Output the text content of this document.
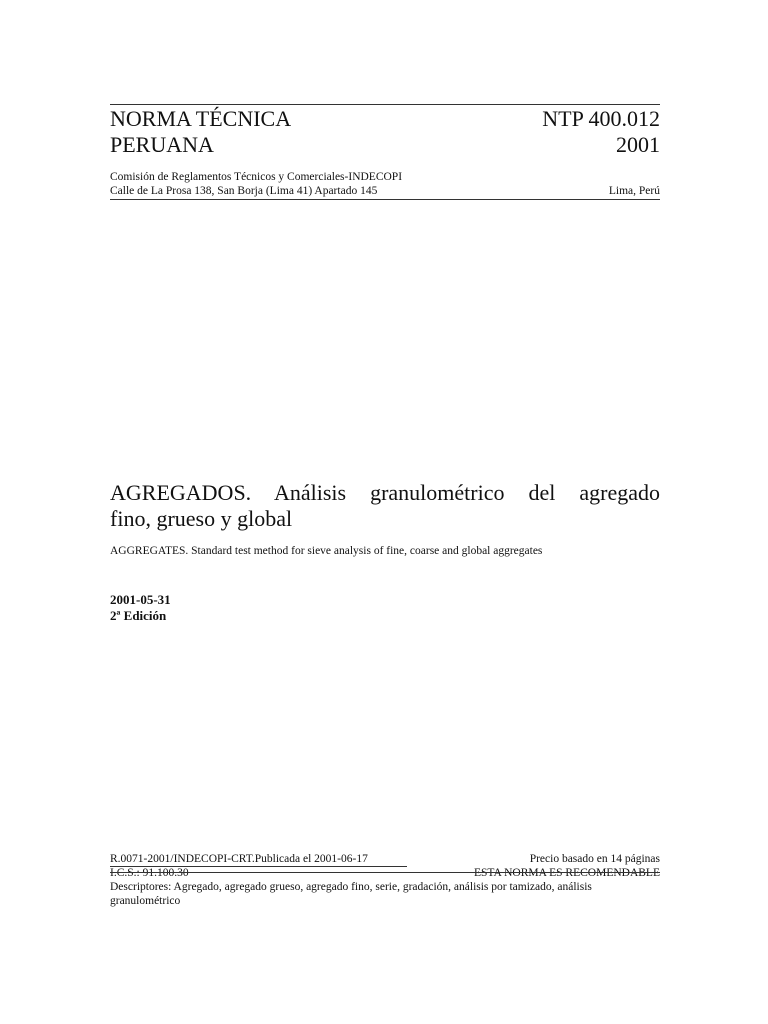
NORMA TÉCNICA
PERUANA
NTP 400.012
2001
Comisión de Reglamentos Técnicos y Comerciales-INDECOPI
Calle de La Prosa 138, San Borja (Lima 41) Apartado 145	Lima, Perú
AGREGADOS. Análisis granulométrico del agregado
fino, grueso y global
AGGREGATES. Standard test method for sieve analysis of fine, coarse and global aggregates
2001-05-31
2ª Edición
R.0071-2001/INDECOPI-CRT.Publicada el 2001-06-17	Precio basado en 14 páginas
I.C.S.: 91.100.30	ESTA NORMA ES RECOMENDABLE
Descriptores: Agregado, agregado grueso, agregado fino, serie, gradación, análisis por tamizado, análisis granulométrico
